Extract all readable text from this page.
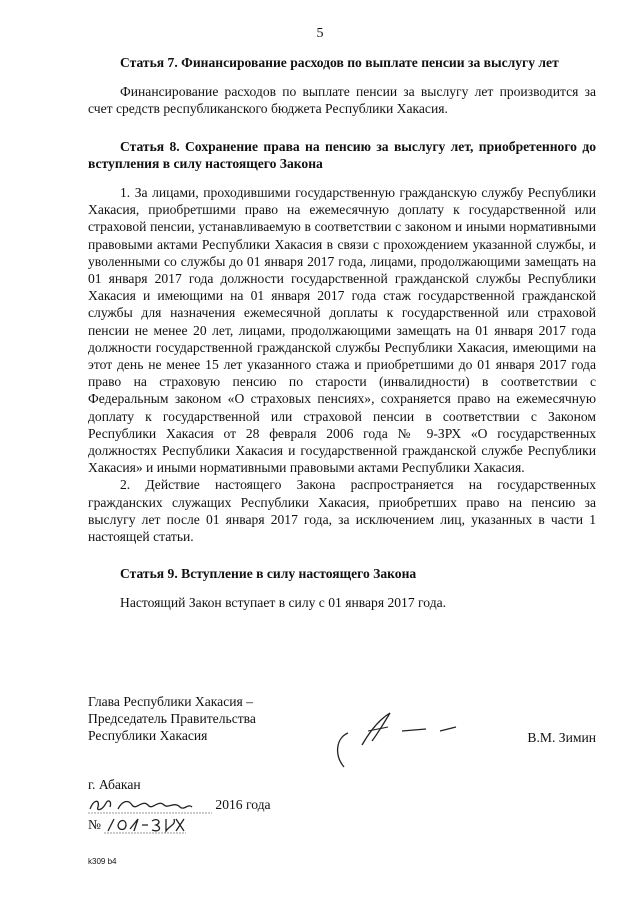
5

Статья 7. Финансирование расходов по выплате пенсии за выслугу лет

Финансирование расходов по выплате пенсии за выслугу лет производится за счет средств республиканского бюджета Республики Хакасия.

Статья 8. Сохранение права на пенсию за выслугу лет, приобретенного до вступления в силу настоящего Закона

1. За лицами, проходившими государственную гражданскую службу Республики Хакасия, приобретшими право на ежемесячную доплату к государственной или страховой пенсии, устанавливаемую в соответствии с законом и иными нормативными правовыми актами Республики Хакасия в связи с прохождением указанной службы, и уволенными со службы до 01 января 2017 года, лицами, продолжающими замещать на 01 января 2017 года должности государственной гражданской службы Республики Хакасия и имеющими на 01 января 2017 года стаж государственной гражданской службы для назначения ежемесячной доплаты к государственной или страховой пенсии не менее 20 лет, лицами, продолжающими замещать на 01 января 2017 года должности государственной гражданской службы Республики Хакасия, имеющими на этот день не менее 15 лет указанного стажа и приобретшими до 01 января 2017 года право на страховую пенсию по старости (инвалидности) в соответствии с Федеральным законом «О страховых пенсиях», сохраняется право на ежемесячную доплату к государственной или страховой пенсии в соответствии с Законом Республики Хакасия от 28 февраля 2006 года № 9-ЗРХ «О государственных должностях Республики Хакасия и государственной гражданской службе Республики Хакасия» и иными нормативными правовыми актами Республики Хакасия.

2. Действие настоящего Закона распространяется на государственных гражданских служащих Республики Хакасия, приобретших право на пенсию за выслугу лет после 01 января 2017 года, за исключением лиц, указанных в части 1 настоящей статьи.

Статья 9. Вступление в силу настоящего Закона

Настоящий Закон вступает в силу с 01 января 2017 года.

Глава Республики Хакасия –
Председатель Правительства
Республики Хакасия	В.М. Зимин
г. Абакан
2016 года
№
k309 b4
